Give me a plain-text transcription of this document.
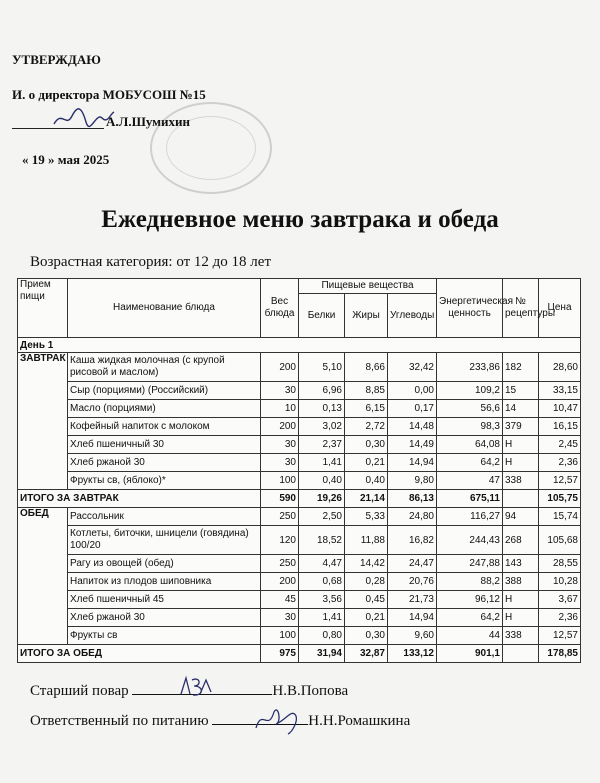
УТВЕРЖДАЮ
И. о директора МОБУСОШ №15
А.Л.Шумихин
« 19 » мая 2025
Ежедневное меню завтрака и обеда
Возрастная категория: от 12 до 18 лет
Прием пищи	Наименование блюда	Вес блюда	Пищевые вещества			Энергетическая ценность	№ рецептуры	Цена
			Белки	Жиры	Углеводы			
День 1								
ЗАВТРАК	Каша жидкая молочная (с крупой рисовой и маслом)	200	5,10	8,66	32,42	233,86	182	28,60
	Сыр (порциями) (Российский)	30	6,96	8,85	0,00	109,2	15	33,15
	Масло (порциями)	10	0,13	6,15	0,17	56,6	14	10,47
	Кофейный напиток с молоком	200	3,02	2,72	14,48	98,3	379	16,15
	Хлеб пшеничный 30	30	2,37	0,30	14,49	64,08	Н	2,45
	Хлеб ржаной 30	30	1,41	0,21	14,94	64,2	Н	2,36
	Фрукты св, (яблоко)*	100	0,40	0,40	9,80	47	338	12,57
ИТОГО ЗА ЗАВТРАК		590	19,26	21,14	86,13	675,11		105,75
ОБЕД	Рассольник	250	2,50	5,33	24,80	116,27	94	15,74
	Котлеты, биточки, шницели (говядина) 100/20	120	18,52	11,88	16,82	244,43	268	105,68
	Рагу из овощей (обед)	250	4,47	14,42	24,47	247,88	143	28,55
	Напиток из плодов шиповника	200	0,68	0,28	20,76	88,2	388	10,28
	Хлеб пшеничный 45	45	3,56	0,45	21,73	96,12	Н	3,67
	Хлеб ржаной 30	30	1,41	0,21	14,94	64,2	Н	2,36
	Фрукты св	100	0,80	0,30	9,60	44	338	12,57
ИТОГО ЗА ОБЕД		975	31,94	32,87	133,12	901,1		178,85
Старший повар	Н.В.Попова
Ответственный по питанию	Н.Н.Ромашкина
